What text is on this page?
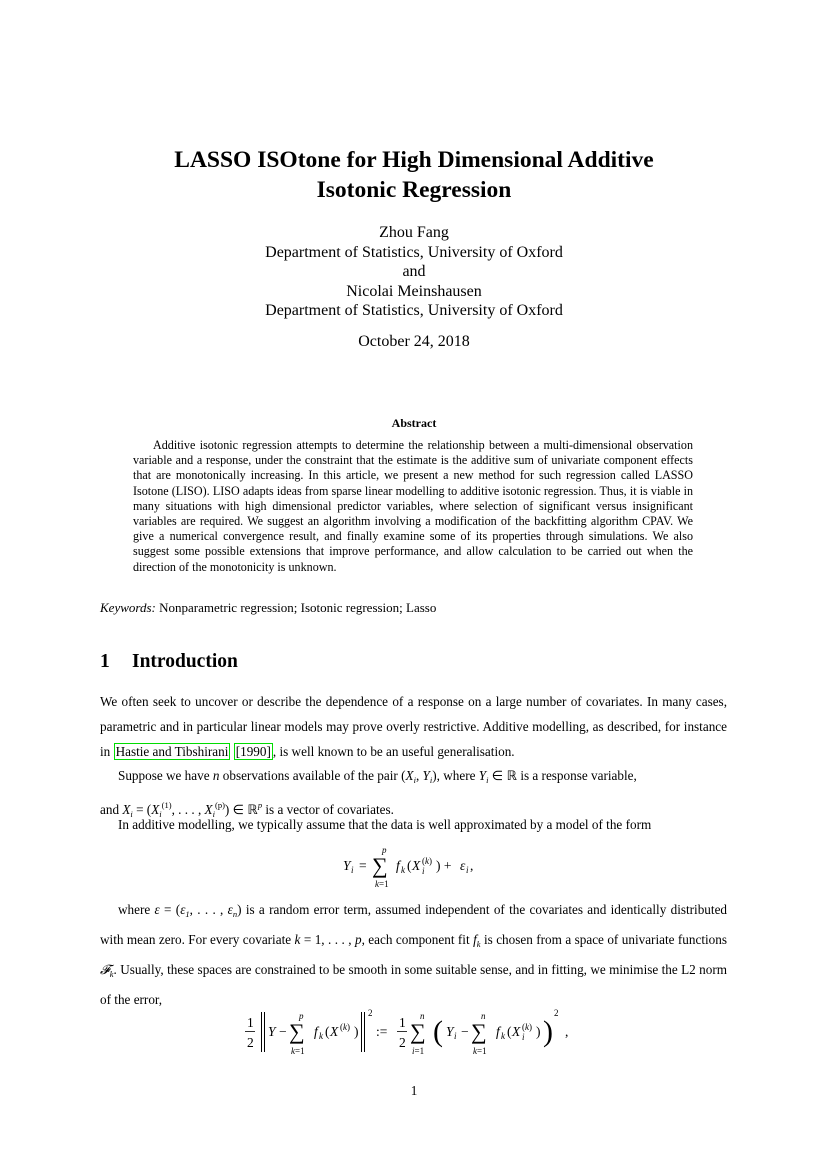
LASSO ISOtone for High Dimensional Additive
Isotonic Regression
Zhou Fang
Department of Statistics, University of Oxford
and
Nicolai Meinshausen
Department of Statistics, University of Oxford
October 24, 2018
Abstract

Additive isotonic regression attempts to determine the relationship between a multi-dimensional observation variable and a response, under the constraint that the estimate is the additive sum of univariate component effects that are monotonically increasing. In this article, we present a new method for such regression called LASSO Isotone (LISO). LISO adapts ideas from sparse linear modelling to additive isotonic regression. Thus, it is viable in many situations with high dimensional predictor variables, where selection of significant versus insignificant variables are required. We suggest an algorithm involving a modification of the backfitting algorithm CPAV. We give a numerical convergence result, and finally examine some of its properties through simulations. We also suggest some possible extensions that improve performance, and allow calculation to be carried out when the direction of the monotonicity is unknown.

Keywords: Nonparametric regression; Isotonic regression; Lasso
1 Introduction

We often seek to uncover or describe the dependence of a response on a large number of covariates. In many cases, parametric and in particular linear models may prove overly restrictive. Additive modelling, as described, for instance in Hastie and Tibshirani [1990] , is well known to be an useful generalisation.

Suppose we have n observations available of the pair ($X_i$, $Y_i$), where $Y_i$ ∈ ℝ is a response variable,
and $X_i = (X_i^{(1)}$, . . . , $X_i^{(p)}$) ∈ ℝ$^p$ is a vector of covariates.

In additive modelling, we typically assume that the data is well approximated by a model of the form

Y i =
p
∑
k=1
f k ( X (k)
i ) + ε i ,

where $\varepsilon = (\varepsilon_1$, . . . , $\varepsilon_n$) is a random error term, assumed independent of the covariates and identically distributed with mean zero. For every covariate k = 1, . . . , p, each component fit $f_k$ is chosen from a space of univariate functions 𝓕$_k$. Usually, these spaces are constrained to be smooth in some suitable sense, and in fitting, we minimise the L2 norm of the error,

1
2
Y −
p
∑
k=1
f k ( X (k) )
2
:=
1
2
n
∑
i=1
( Y i −
n
∑
k=1
f k ( X (k)
i ) )
2
,
1
